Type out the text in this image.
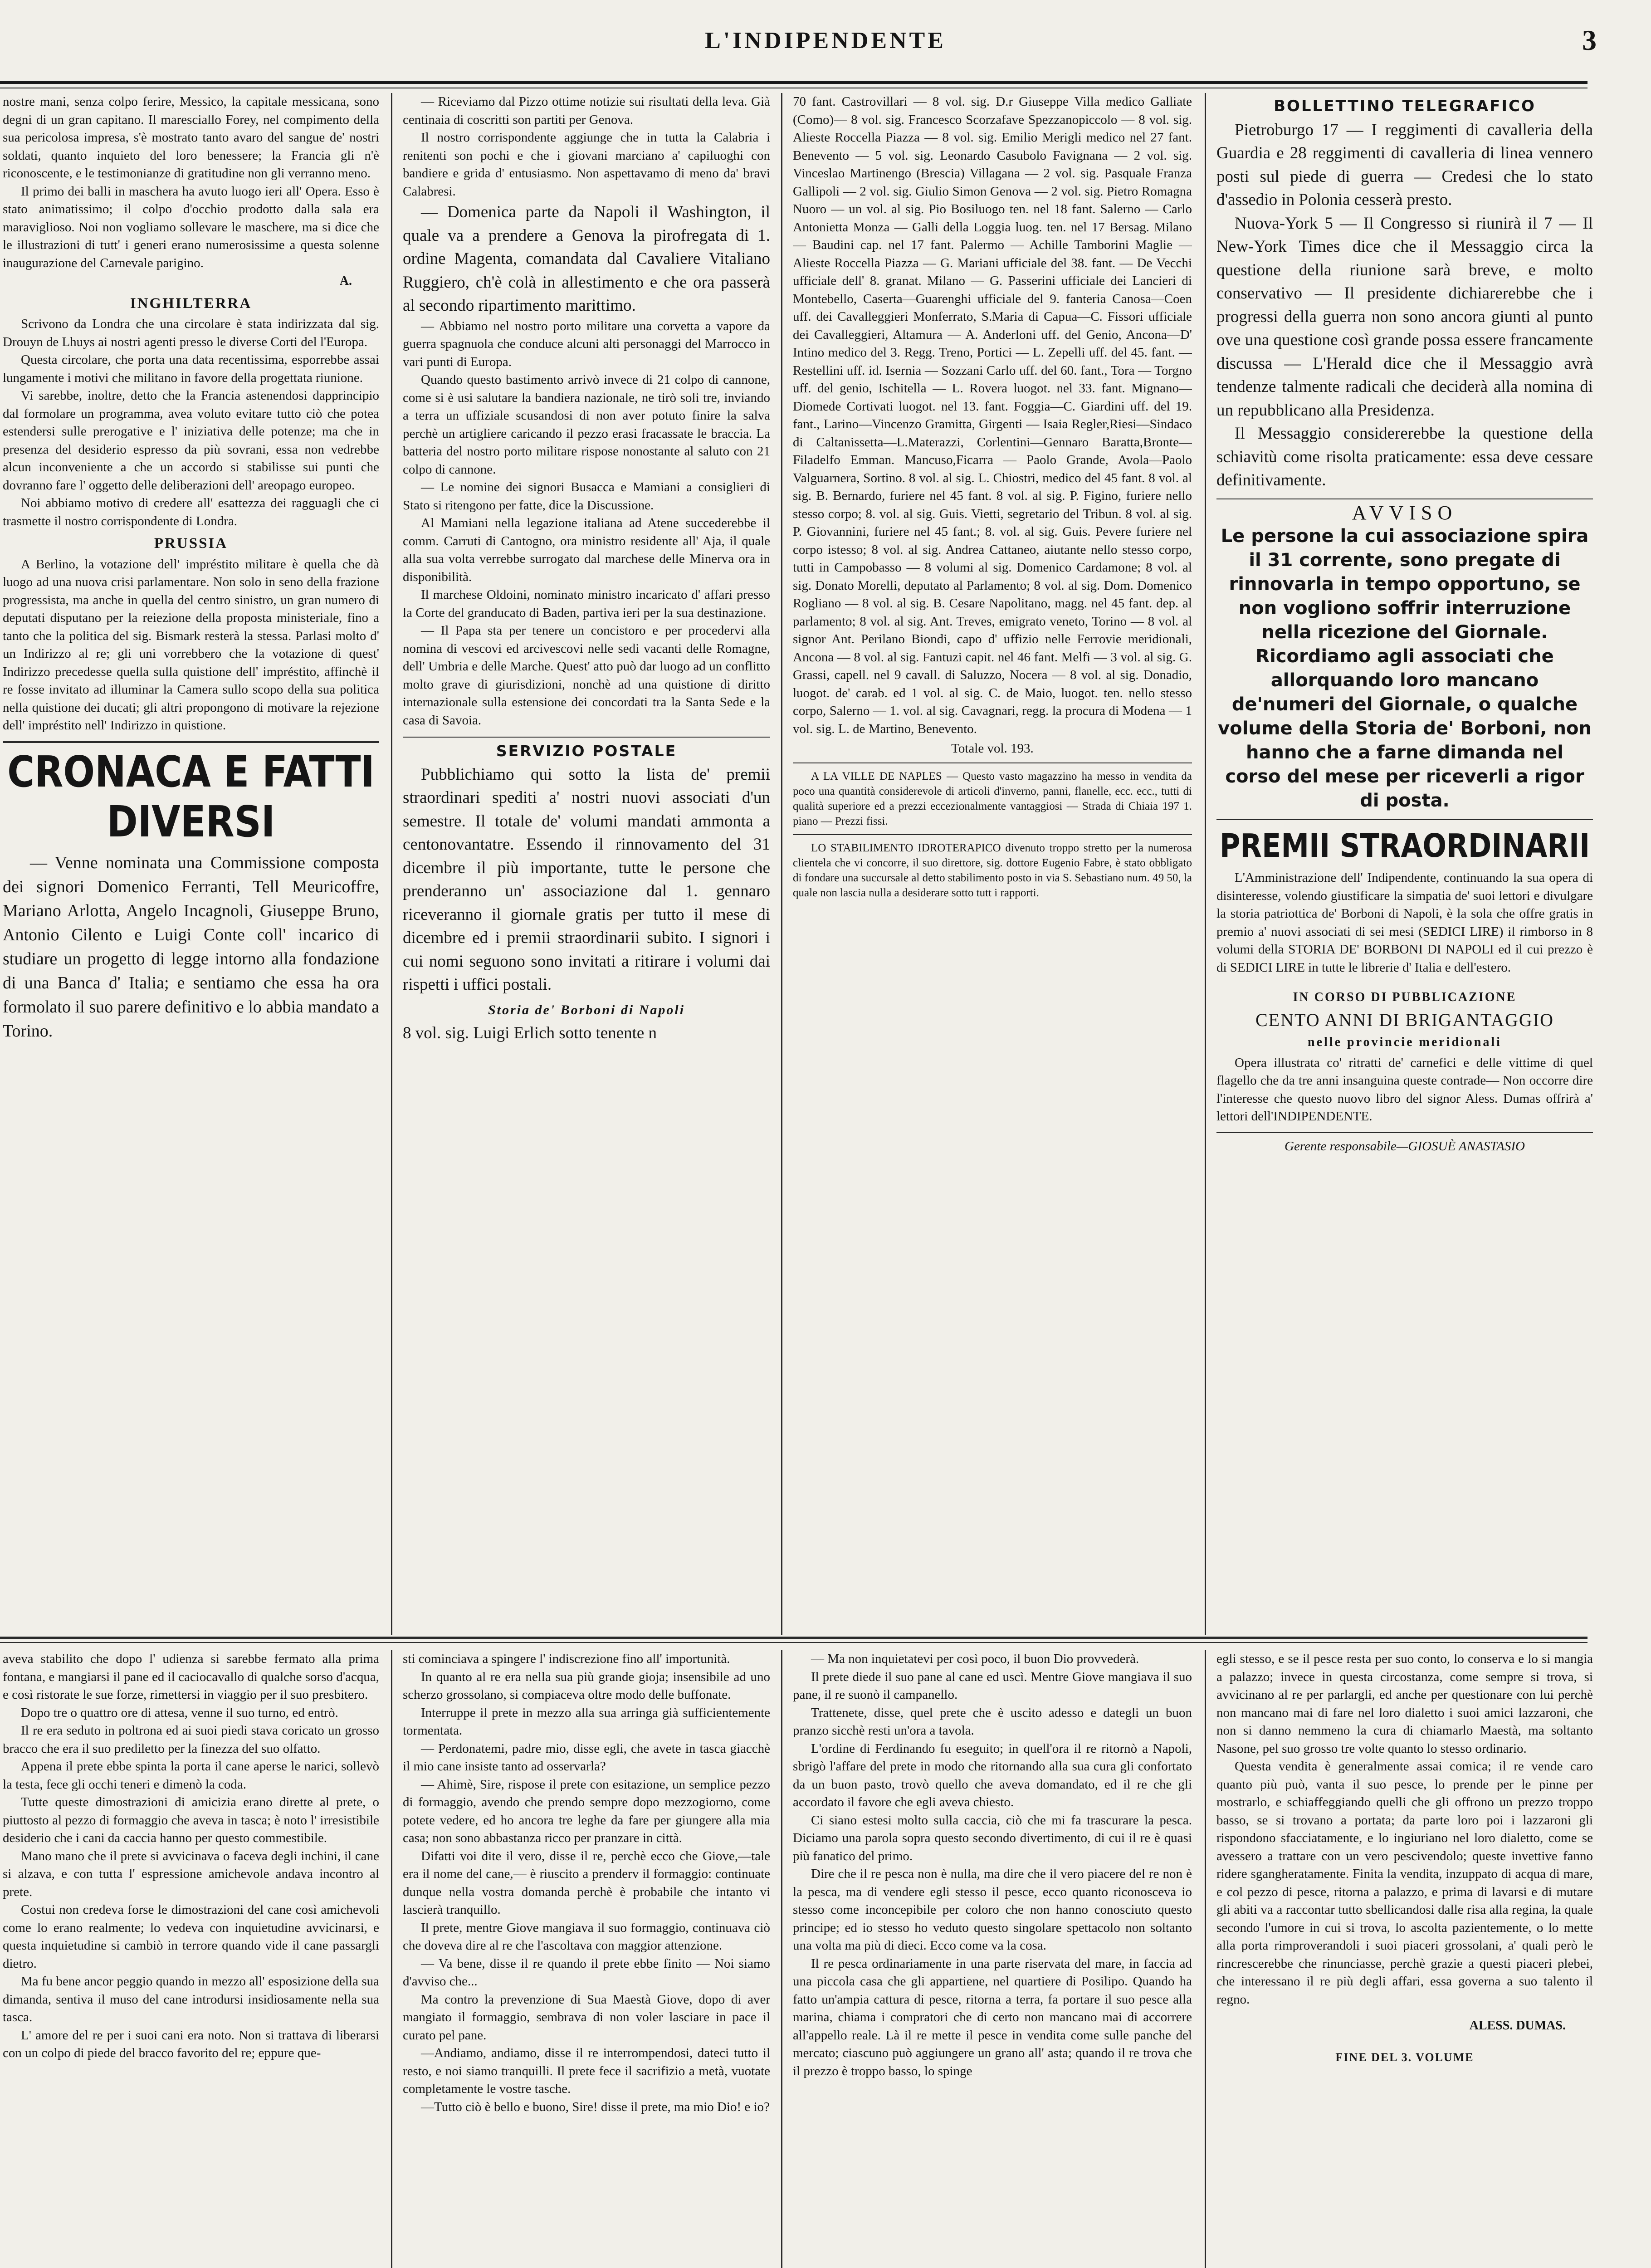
L'INDIPENDENTE	3

nostre mani, senza colpo ferire, Messico, la capitale messicana, sono degni di un gran capitano. Il maresciallo Forey, nel compimento della sua pericolosa impresa, s'è mostrato tanto avaro del sangue de' nostri soldati, quanto inquieto del loro benessere; la Francia gli n'è riconoscente, e le testimonianze di gratitudine non gli verranno meno.

Il primo dei balli in maschera ha avuto luogo ieri all' Opera. Esso è stato animatissimo; il colpo d'occhio prodotto dalla sala era maraviglioso. Noi non vogliamo sollevare le maschere, ma si dice che le illustrazioni di tutt' i generi erano numerosissime a questa solenne inaugurazione del Carnevale parigino.

A.
INGHILTERRA

Scrivono da Londra che una circolare è stata indirizzata dal sig. Drouyn de Lhuys ai nostri agenti presso le diverse Corti del l'Europa.

Questa circolare, che porta una data recentissima, esporrebbe assai lungamente i motivi che militano in favore della progettata riunione.

Vi sarebbe, inoltre, detto che la Francia astenendosi dapprincipio dal formolare un programma, avea voluto evitare tutto ciò che potea estendersi sulle prerogative e l' iniziativa delle potenze; ma che in presenza del desiderio espresso da più sovrani, essa non vedrebbe alcun inconveniente a che un accordo si stabilisse sui punti che dovranno fare l' oggetto delle deliberazioni dell' areopago europeo.

Noi abbiamo motivo di credere all' esattezza dei ragguagli che ci trasmette il nostro corrispondente di Londra.

PRUSSIA

A Berlino, la votazione dell' impréstito militare è quella che dà luogo ad una nuova crisi parlamentare. Non solo in seno della frazione progressista, ma anche in quella del centro sinistro, un gran numero di deputati disputano per la reiezione della proposta ministeriale, fino a tanto che la politica del sig. Bismark resterà la stessa. Parlasi molto d' un Indirizzo al re; gli uni vorrebbero che la votazione di quest' Indirizzo precedesse quella sulla quistione dell' impréstito, affinchè il re fosse invitato ad illuminar la Camera sullo scopo della sua politica nella quistione dei ducati; gli altri propongono di motivare la rejezione dell' impréstito nell' Indirizzo in quistione.

CRONACA E FATTI DIVERSI

— Venne nominata una Commissione composta dei signori Domenico Ferranti, Tell Meuricoffre, Mariano Arlotta, Angelo Incagnoli, Giuseppe Bruno, Antonio Cilento e Luigi Conte coll' incarico di studiare un progetto di legge intorno alla fondazione di una Banca d' Italia; e sentiamo che essa ha ora formolato il suo parere definitivo e lo abbia mandato a Torino.

— Riceviamo dal Pizzo ottime notizie sui risultati della leva. Già centinaia di coscritti son partiti per Genova.

Il nostro corrispondente aggiunge che in tutta la Calabria i renitenti son pochi e che i giovani marciano a' capiluoghi con bandiere e grida d' entusiasmo. Non aspettavamo di meno da' bravi Calabresi.

— Domenica parte da Napoli il Washington, il quale va a prendere a Genova la pirofregata di 1. ordine Magenta, comandata dal Cavaliere Vitaliano Ruggiero, ch'è colà in allestimento e che ora passerà al secondo ripartimento marittimo.

— Abbiamo nel nostro porto militare una corvetta a vapore da guerra spagnuola che conduce alcuni alti personaggi del Marrocco in vari punti di Europa.

Quando questo bastimento arrivò invece di 21 colpo di cannone, come si è usi salutare la bandiera nazionale, ne tirò soli tre, inviando a terra un uffiziale scusandosi di non aver potuto finire la salva perchè un artigliere caricando il pezzo erasi fracassate le braccia. La batteria del nostro porto militare rispose nonostante al saluto con 21 colpo di cannone.

— Le nomine dei signori Busacca e Mamiani a consiglieri di Stato si ritengono per fatte, dice la Discussione.

Al Mamiani nella legazione italiana ad Atene succederebbe il comm. Carruti di Cantogno, ora ministro residente all' Aja, il quale alla sua volta verrebbe surrogato dal marchese delle Minerva ora in disponibilità.

Il marchese Oldoini, nominato ministro incaricato d' affari presso la Corte del granducato di Baden, partiva ieri per la sua destinazione.

— Il Papa sta per tenere un concistoro e per procedervi alla nomina di vescovi ed arcivescovi nelle sedi vacanti delle Romagne, dell' Umbria e delle Marche. Quest' atto può dar luogo ad un conflitto molto grave di giurisdizioni, nonchè ad una quistione di diritto internazionale sulla estensione dei concordati tra la Santa Sede e la casa di Savoia.

SERVIZIO POSTALE

Pubblichiamo qui sotto la lista de' premii straordinari spediti a' nostri nuovi associati d'un semestre. Il totale de' volumi mandati ammonta a centonovantatre. Essendo il rinnovamento del 31 dicembre il più importante, tutte le persone che prenderanno un' associazione dal 1. gennaro riceveranno il giornale gratis per tutto il mese di dicembre ed i premii straordinarii subito. I signori i cui nomi seguono sono invitati a ritirare i volumi dai rispetti i uffici postali.

Storia de' Borboni di Napoli

8 vol. sig. Luigi Erlich sotto tenente n

70 fant. Castrovillari — 8 vol. sig. D.r Giuseppe Villa medico Galliate (Como)— 8 vol. sig. Francesco Scorzafave Spezzanopiccolo — 8 vol. sig. Alieste Roccella Piazza — 8 vol. sig. Emilio Merigli medico nel 27 fant. Benevento — 5 vol. sig. Leonardo Casubolo Favignana — 2 vol. sig. Vinceslao Martinengo (Brescia) Villagana — 2 vol. sig. Pasquale Franza Gallipoli — 2 vol. sig. Giulio Simon Genova — 2 vol. sig. Pietro Romagna Nuoro — un vol. al sig. Pio Bosiluogo ten. nel 18 fant. Salerno — Carlo Antonietta Monza — Galli della Loggia luog. ten. nel 17 Bersag. Milano — Baudini cap. nel 17 fant. Palermo — Achille Tamborini Maglie — Alieste Roccella Piazza — G. Mariani ufficiale del 38. fant. — De Vecchi ufficiale dell' 8. granat. Milano — G. Passerini ufficiale dei Lancieri di Montebello, Caserta—Guarenghi ufficiale del 9. fanteria Canosa—Coen uff. dei Cavalleggieri Monferrato, S.Maria di Capua—C. Fissori ufficiale dei Cavalleggieri, Altamura — A. Anderloni uff. del Genio, Ancona—D' Intino medico del 3. Regg. Treno, Portici — L. Zepelli uff. del 45. fant. —Restellini uff. id. Isernia — Sozzani Carlo uff. del 60. fant., Tora — Torgno uff. del genio, Ischitella — L. Rovera luogot. nel 33. fant. Mignano—Diomede Cortivati luogot. nel 13. fant. Foggia—C. Giardini uff. del 19. fant., Larino—Vincenzo Gramitta, Girgenti — Isaia Regler,Riesi—Sindaco di Caltanissetta—L.Materazzi, Corlentini—Gennaro Baratta,Bronte—Filadelfo Emman. Mancuso,Ficarra — Paolo Grande, Avola—Paolo Valguarnera, Sortino. 8 vol. al sig. L. Chiostri, medico del 45 fant. 8 vol. al sig. B. Bernardo, furiere nel 45 fant. 8 vol. al sig. P. Figino, furiere nello stesso corpo; 8. vol. al sig. Guis. Vietti, segretario del Tribun. 8 vol. al sig. P. Giovannini, furiere nel 45 fant.; 8. vol. al sig. Guis. Pevere furiere nel corpo istesso; 8 vol. al sig. Andrea Cattaneo, aiutante nello stesso corpo, tutti in Campobasso — 8 volumi al sig. Domenico Cardamone; 8 vol. al sig. Donato Morelli, deputato al Parlamento; 8 vol. al sig. Dom. Domenico Rogliano — 8 vol. al sig. B. Cesare Napolitano, magg. nel 45 fant. dep. al parlamento; 8 vol. al sig. Ant. Treves, emigrato veneto, Torino — 8 vol. al signor Ant. Perilano Biondi, capo d' uffizio nelle Ferrovie meridionali, Ancona — 8 vol. al sig. Fantuzi capit. nel 46 fant. Melfi — 3 vol. al sig. G. Grassi, capell. nel 9 cavall. di Saluzzo, Nocera — 8 vol. al sig. Donadio, luogot. de' carab. ed 1 vol. al sig. C. de Maio, luogot. ten. nello stesso corpo, Salerno — 1. vol. al sig. Cavagnari, regg. la procura di Modena — 1 vol. sig. L. de Martino, Benevento.

Totale vol. 193.

A LA VILLE DE NAPLES — Questo vasto magazzino ha messo in vendita da poco una quantità considerevole di articoli d'inverno, panni, flanelle, ecc. ecc., tutti di qualità superiore ed a prezzi eccezionalmente vantaggiosi — Strada di Chiaia 197 1. piano — Prezzi fissi.

LO STABILIMENTO IDROTERAPICO divenuto troppo stretto per la numerosa clientela che vi concorre, il suo direttore, sig. dottore Eugenio Fabre, è stato obbligato di fondare una succursale al detto stabilimento posto in via S. Sebastiano num. 49 50, la quale non lascia nulla a desiderare sotto tutt i rapporti.

BOLLETTINO TELEGRAFICO

Pietroburgo 17 — I reggimenti di cavalleria della Guardia e 28 reggimenti di cavalleria di linea vennero posti sul piede di guerra — Credesi che lo stato d'assedio in Polonia cesserà presto.

Nuova-York 5 — Il Congresso si riunirà il 7 — Il New-York Times dice che il Messaggio circa la questione della riunione sarà breve, e molto conservativo — Il presidente dichiarerebbe che i progressi della guerra non sono ancora giunti al punto ove una questione così grande possa essere francamente discussa — L'Herald dice che il Messaggio avrà tendenze talmente radicali che deciderà alla nomina di un repubblicano alla Presidenza.

Il Messaggio considererebbe la questione della schiavitù come risolta praticamente: essa deve cessare definitivamente.

AVVISO
Le persone la cui associazione spira il 31 corrente, sono pregate di rinnovarla in tempo opportuno, se non vogliono soffrir interruzione nella ricezione del Giornale. Ricordiamo agli associati che allorquando loro mancano de'numeri del Giornale, o qualche volume della Storia de' Borboni, non hanno che a farne dimanda nel corso del mese per riceverli a rigor di posta.
PREMII STRAORDINARII

L'Amministrazione dell' Indipendente, continuando la sua opera di disinteresse, volendo giustificare la simpatia de' suoi lettori e divulgare la storia patriottica de' Borboni di Napoli, è la sola che offre gratis in premio a' nuovi associati di sei mesi (SEDICI LIRE) il rimborso in 8 volumi della STORIA DE' BORBONI DI NAPOLI ed il cui prezzo è di SEDICI LIRE in tutte le librerie d' Italia e dell'estero.

IN CORSO DI PUBBLICAZIONE
CENTO ANNI DI BRIGANTAGGIO
nelle provincie meridionali

Opera illustrata co' ritratti de' carnefici e delle vittime di quel flagello che da tre anni insanguina queste contrade— Non occorre dire l'interesse che questo nuovo libro del signor Aless. Dumas offrirà a' lettori dell'INDIPENDENTE.

Gerente responsabile—GIOSUÈ ANASTASIO

aveva stabilito che dopo l' udienza si sarebbe fermato alla prima fontana, e mangiarsi il pane ed il caciocavallo di qualche sorso d'acqua, e così ristorate le sue forze, rimettersi in viaggio per il suo presbitero.

Dopo tre o quattro ore di attesa, venne il suo turno, ed entrò.

Il re era seduto in poltrona ed ai suoi piedi stava coricato un grosso bracco che era il suo prediletto per la finezza del suo olfatto.

Appena il prete ebbe spinta la porta il cane aperse le narici, sollevò la testa, fece gli occhi teneri e dimenò la coda.

Tutte queste dimostrazioni di amicizia erano dirette al prete, o piuttosto al pezzo di formaggio che aveva in tasca; è noto l' irresistibile desiderio che i cani da caccia hanno per questo commestibile.

Mano mano che il prete si avvicinava o faceva degli inchini, il cane si alzava, e con tutta l' espressione amichevole andava incontro al prete.

Costui non credeva forse le dimostrazioni del cane così amichevoli come lo erano realmente; lo vedeva con inquietudine avvicinarsi, e questa inquietudine si cambiò in terrore quando vide il cane passargli dietro.

Ma fu bene ancor peggio quando in mezzo all' esposizione della sua dimanda, sentiva il muso del cane introdursi insidiosamente nella sua tasca.

L' amore del re per i suoi cani era noto. Non si trattava di liberarsi con un colpo di piede del bracco favorito del re; eppure que-

sti cominciava a spingere l' indiscrezione fino all' importunità.

In quanto al re era nella sua più grande gioja; insensibile ad uno scherzo grossolano, si compiaceva oltre modo delle buffonate.

Interruppe il prete in mezzo alla sua arringa già sufficientemente tormentata.

— Perdonatemi, padre mio, disse egli, che avete in tasca giacchè il mio cane insiste tanto ad osservarla?

— Ahimè, Sire, rispose il prete con esitazione, un semplice pezzo di formaggio, avendo che prendo sempre dopo mezzogiorno, come potete vedere, ed ho ancora tre leghe da fare per giungere alla mia casa; non sono abbastanza ricco per pranzare in città.

Difatti voi dite il vero, disse il re, perchè ecco che Giove,—tale era il nome del cane,— è riuscito a prenderv il formaggio: continuate dunque nella vostra domanda perchè è probabile che intanto vi lascierà tranquillo.

Il prete, mentre Giove mangiava il suo formaggio, continuava ciò che doveva dire al re che l'ascoltava con maggior attenzione.

— Va bene, disse il re quando il prete ebbe finito — Noi siamo d'avviso che...

Ma contro la prevenzione di Sua Maestà Giove, dopo di aver mangiato il formaggio, sembrava di non voler lasciare in pace il curato pel pane.

—Andiamo, andiamo, disse il re interrompendosi, dateci tutto il resto, e noi siamo tranquilli. Il prete fece il sacrifizio a metà, vuotate completamente le vostre tasche.

—Tutto ciò è bello e buono, Sire! disse il prete, ma mio Dio! e io?

— Ma non inquietatevi per così poco, il buon Dio provvederà.

Il prete diede il suo pane al cane ed uscì. Mentre Giove mangiava il suo pane, il re suonò il campanello.

Trattenete, disse, quel prete che è uscito adesso e dategli un buon pranzo sicchè resti un'ora a tavola.

L'ordine di Ferdinando fu eseguito; in quell'ora il re ritornò a Napoli, sbrigò l'affare del prete in modo che ritornando alla sua cura gli confortato da un buon pasto, trovò quello che aveva domandato, ed il re che gli accordato il favore che egli aveva chiesto.

Ci siano estesi molto sulla caccia, ciò che mi fa trascurare la pesca. Diciamo una parola sopra questo secondo divertimento, di cui il re è quasi più fanatico del primo.

Dire che il re pesca non è nulla, ma dire che il vero piacere del re non è la pesca, ma di vendere egli stesso il pesce, ecco quanto riconosceva io stesso come inconcepibile per coloro che non hanno conosciuto questo principe; ed io stesso ho veduto questo singolare spettacolo non soltanto una volta ma più di dieci. Ecco come va la cosa.

Il re pesca ordinariamente in una parte riservata del mare, in faccia ad una piccola casa che gli appartiene, nel quartiere di Posilipo. Quando ha fatto un'ampia cattura di pesce, ritorna a terra, fa portare il suo pesce alla marina, chiama i compratori che di certo non mancano mai di accorrere all'appello reale. Là il re mette il pesce in vendita come sulle panche del mercato; ciascuno può aggiungere un grano all' asta; quando il re trova che il prezzo è troppo basso, lo spinge

egli stesso, e se il pesce resta per suo conto, lo conserva e lo si mangia a palazzo; invece in questa circostanza, come sempre si trova, si avvicinano al re per parlargli, ed anche per questionare con lui perchè non mancano mai di fare nel loro dialetto i suoi amici lazzaroni, che non si danno nemmeno la cura di chiamarlo Maestà, ma soltanto Nasone, pel suo grosso tre volte quanto lo stesso ordinario.

Questa vendita è generalmente assai comica; il re vende caro quanto più può, vanta il suo pesce, lo prende per le pinne per mostrarlo, e schiaffeggiando quelli che gli offrono un prezzo troppo basso, se si trovano a portata; da parte loro poi i lazzaroni gli rispondono sfacciatamente, e lo ingiuriano nel loro dialetto, come se avessero a trattare con un vero pescivendolo; queste invettive fanno ridere sgangheratamente. Finita la vendita, inzuppato di acqua di mare, e col pezzo di pesce, ritorna a palazzo, e prima di lavarsi e di mutare gli abiti va a raccontar tutto sbellicandosi dalle risa alla regina, la quale secondo l'umore in cui si trova, lo ascolta pazientemente, o lo mette alla porta rimproverandoli i suoi piaceri grossolani, a' quali però le rincrescerebbe che rinunciasse, perchè grazie a questi piaceri plebei, che interessano il re più degli affari, essa governa a suo talento il regno.

ALESS. DUMAS.
FINE DEL 3. VOLUME
